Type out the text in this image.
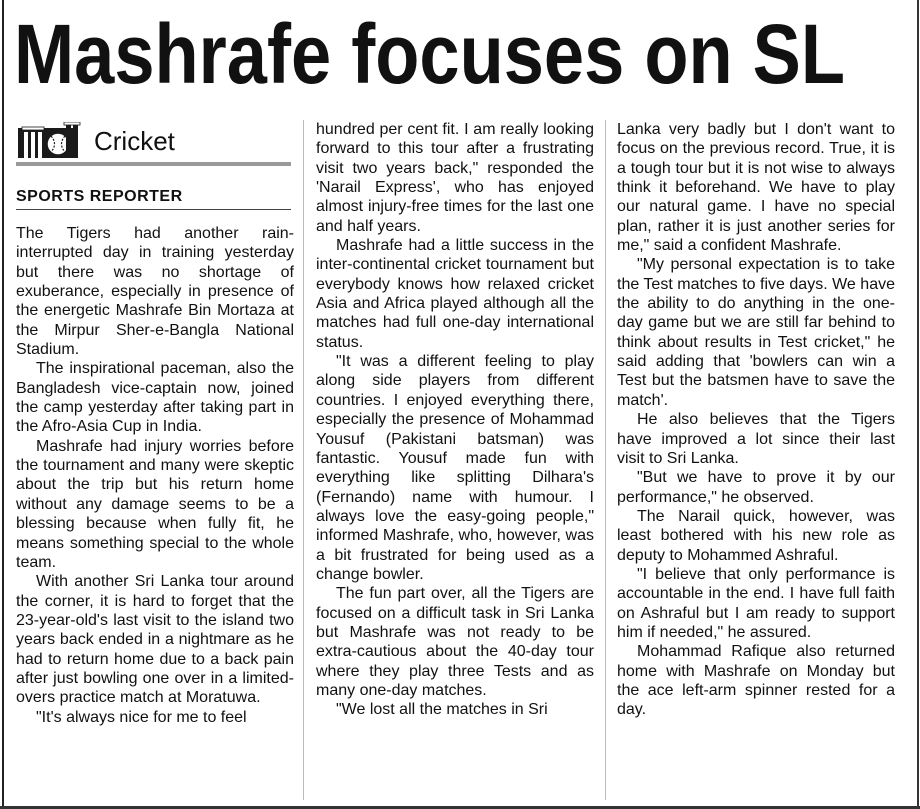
Mashrafe focuses on SL
Cricket
SPORTS REPORTER

The Tigers had another rain-interrupted day in training yesterday but there was no shortage of exuberance, especially in presence of the energetic Mashrafe Bin Mortaza at the Mirpur Sher-e-Bangla National Stadium.

The inspirational paceman, also the Bangladesh vice-captain now, joined the camp yesterday after taking part in the Afro-Asia Cup in India.

Mashrafe had injury worries before the tournament and many were skeptic about the trip but his return home without any damage seems to be a blessing because when fully fit, he means something special to the whole team.

With another Sri Lanka tour around the corner, it is hard to forget that the 23-year-old's last visit to the island two years back ended in a nightmare as he had to return home due to a back pain after just bowling one over in a limited-overs practice match at Moratuwa.

"It's always nice for me to feel

hundred per cent fit. I am really looking forward to this tour after a frustrating visit two years back," responded the 'Narail Express', who has enjoyed almost injury-free times for the last one and half years.

Mashrafe had a little success in the inter-continental cricket tournament but everybody knows how relaxed cricket Asia and Africa played although all the matches had full one-day international status.

"It was a different feeling to play along side players from different countries. I enjoyed everything there, especially the presence of Mohammad Yousuf (Pakistani batsman) was fantastic. Yousuf made fun with everything like splitting Dilhara's (Fernando) name with humour. I always love the easy-going people," informed Mashrafe, who, however, was a bit frustrated for being used as a change bowler.

The fun part over, all the Tigers are focused on a difficult task in Sri Lanka but Mashrafe was not ready to be extra-cautious about the 40-day tour where they play three Tests and as many one-day matches.

"We lost all the matches in Sri

Lanka very badly but I don't want to focus on the previous record. True, it is a tough tour but it is not wise to always think it beforehand. We have to play our natural game. I have no special plan, rather it is just another series for me," said a confident Mashrafe.

"My personal expectation is to take the Test matches to five days. We have the ability to do anything in the one-day game but we are still far behind to think about results in Test cricket," he said adding that 'bowlers can win a Test but the batsmen have to save the match'.

He also believes that the Tigers have improved a lot since their last visit to Sri Lanka.

"But we have to prove it by our performance," he observed.

The Narail quick, however, was least bothered with his new role as deputy to Mohammed Ashraful.

"I believe that only performance is accountable in the end. I have full faith on Ashraful but I am ready to support him if needed," he assured.

Mohammad Rafique also returned home with Mashrafe on Monday but the ace left-arm spinner rested for a day.
